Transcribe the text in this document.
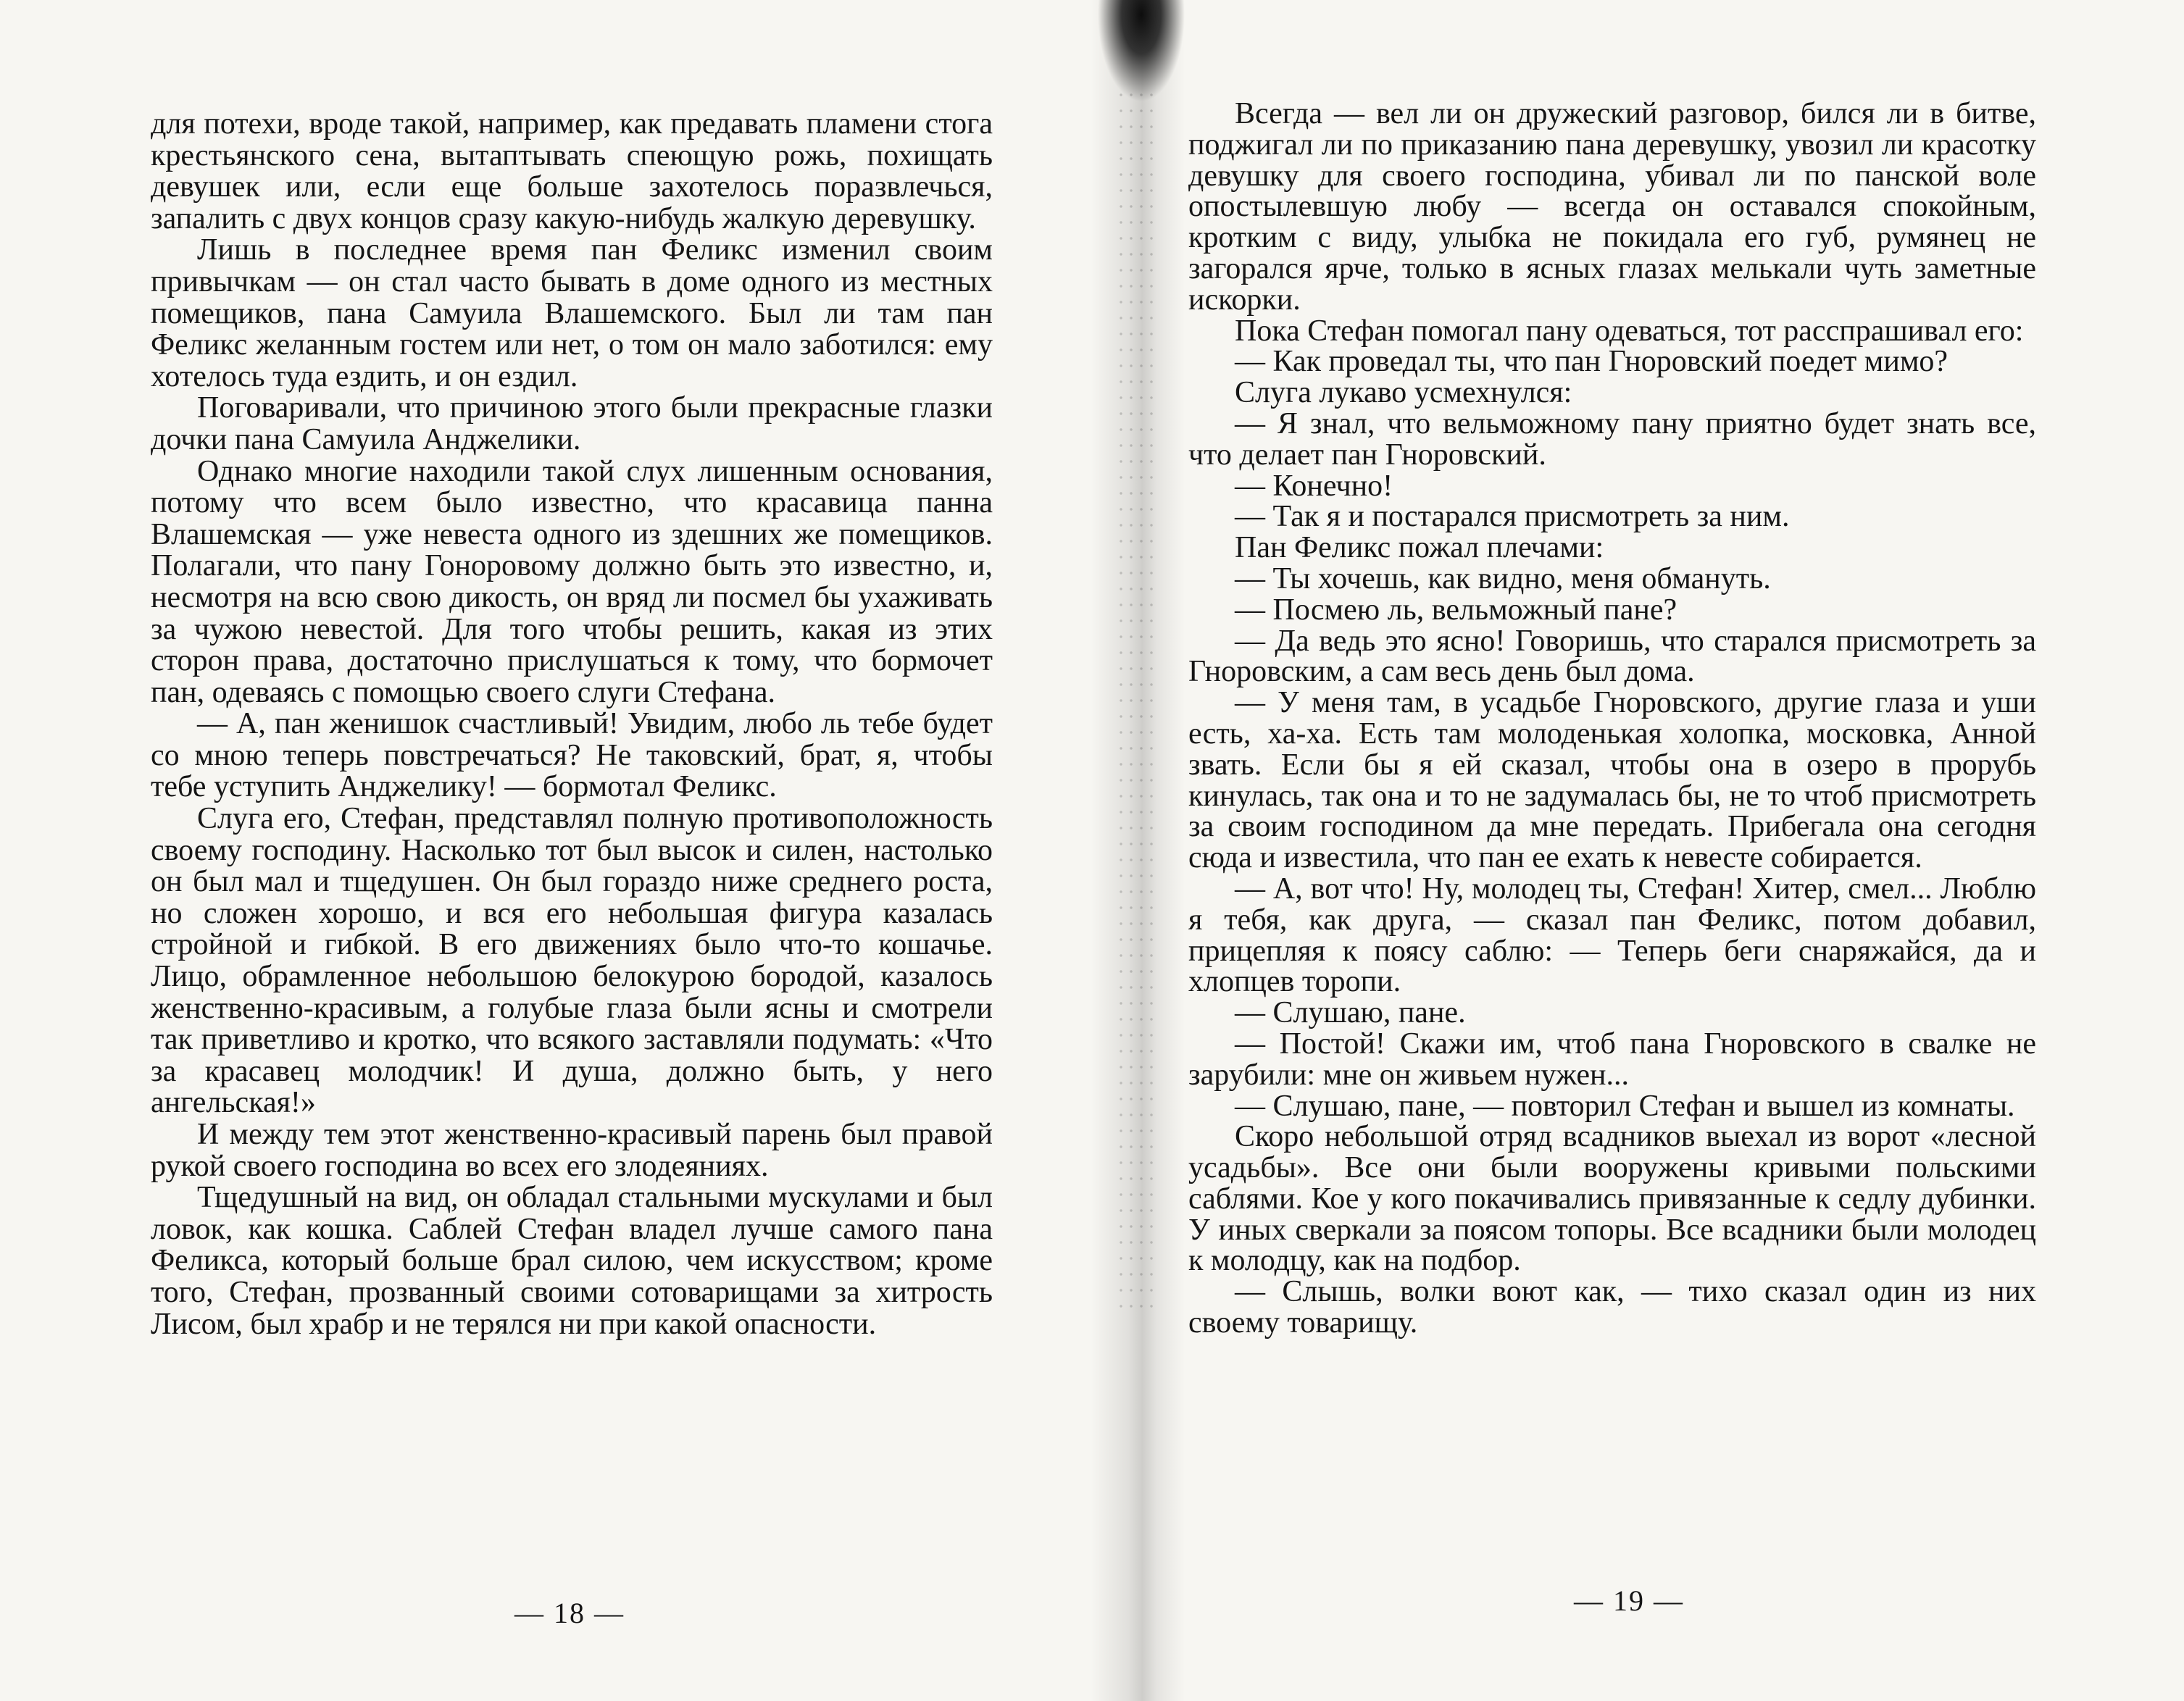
для потехи, вроде такой, например, как предавать пламени стога крестьянского сена, вытаптывать спеющую рожь, похищать девушек или, если еще больше захотелось поразвлечься, запалить с двух концов сразу какую-нибудь жалкую деревушку.

Лишь в последнее время пан Феликс изменил своим привычкам — он стал часто бывать в доме одного из местных помещиков, пана Самуила Влашемского. Был ли там пан Феликс желанным гостем или нет, о том он мало заботился: ему хотелось туда ездить, и он ездил.

Поговаривали, что причиною этого были прекрасные глазки дочки пана Самуила Анджелики.

Однако многие находили такой слух лишенным основания, потому что всем было известно, что красавица панна Влашемская — уже невеста одного из здешних же помещиков. Полагали, что пану Гоноровому должно быть это известно, и, несмотря на всю свою дикость, он вряд ли посмел бы ухаживать за чужою невестой. Для того чтобы решить, какая из этих сторон права, достаточно прислушаться к тому, что бормочет пан, одеваясь с помощью своего слуги Стефана.

— А, пан женишок счастливый! Увидим, любо ль тебе будет со мною теперь повстречаться? Не таковский, брат, я, чтобы тебе уступить Анджелику! — бормотал Феликс.

Слуга его, Стефан, представлял полную противоположность своему господину. Насколько тот был высок и силен, настолько он был мал и тщедушен. Он был гораздо ниже среднего роста, но сложен хорошо, и вся его небольшая фигура казалась стройной и гибкой. В его движениях было что-то кошачье. Лицо, обрамленное небольшою белокурою бородой, казалось женственно-красивым, а голубые глаза были ясны и смотрели так приветливо и кротко, что всякого заставляли подумать: «Что за красавец молодчик! И душа, должно быть, у него ангельская!»

И между тем этот женственно-красивый парень был правой рукой своего господина во всех его злодеяниях.

Тщедушный на вид, он обладал стальными мускулами и был ловок, как кошка. Саблей Стефан владел лучше самого пана Феликса, который больше брал силою, чем искусством; кроме того, Стефан, прозванный своими сотоварищами за хитрость Лисом, был храбр и не терялся ни при какой опасности.

— 18 —

Всегда — вел ли он дружеский разговор, бился ли в битве, поджигал ли по приказанию пана деревушку, увозил ли красотку девушку для своего господина, убивал ли по панской воле опостылевшую любу — всегда он оставался спокойным, кротким с виду, улыбка не покидала его губ, румянец не загорался ярче, только в ясных глазах мелькали чуть заметные искорки.

Пока Стефан помогал пану одеваться, тот расспрашивал его:

— Как проведал ты, что пан Гноровский поедет мимо?

Слуга лукаво усмехнулся:

— Я знал, что вельможному пану приятно будет знать все, что делает пан Гноровский.

— Конечно!

— Так я и постарался присмотреть за ним.

Пан Феликс пожал плечами:

— Ты хочешь, как видно, меня обмануть.

— Посмею ль, вельможный пане?

— Да ведь это ясно! Говоришь, что старался присмотреть за Гноровским, а сам весь день был дома.

— У меня там, в усадьбе Гноровского, другие глаза и уши есть, ха-ха. Есть там молоденькая холопка, московка, Анной звать. Если бы я ей сказал, чтобы она в озеро в прорубь кинулась, так она и то не задумалась бы, не то чтоб присмотреть за своим господином да мне передать. Прибегала она сегодня сюда и известила, что пан ее ехать к невесте собирается.

— А, вот что! Ну, молодец ты, Стефан! Хитер, смел... Люблю я тебя, как друга, — сказал пан Феликс, потом добавил, прицепляя к поясу саблю: — Теперь беги снаряжайся, да и хлопцев торопи.

— Слушаю, пане.

— Постой! Скажи им, чтоб пана Гноровского в свалке не зарубили: мне он живьем нужен...

— Слушаю, пане, — повторил Стефан и вышел из комнаты.

Скоро небольшой отряд всадников выехал из ворот «лесной усадьбы». Все они были вооружены кривыми польскими саблями. Кое у кого покачивались привязанные к седлу дубинки. У иных сверкали за поясом топоры. Все всадники были молодец к молодцу, как на подбор.

— Слышь, волки воют как, — тихо сказал один из них своему товарищу.

— 19 —
